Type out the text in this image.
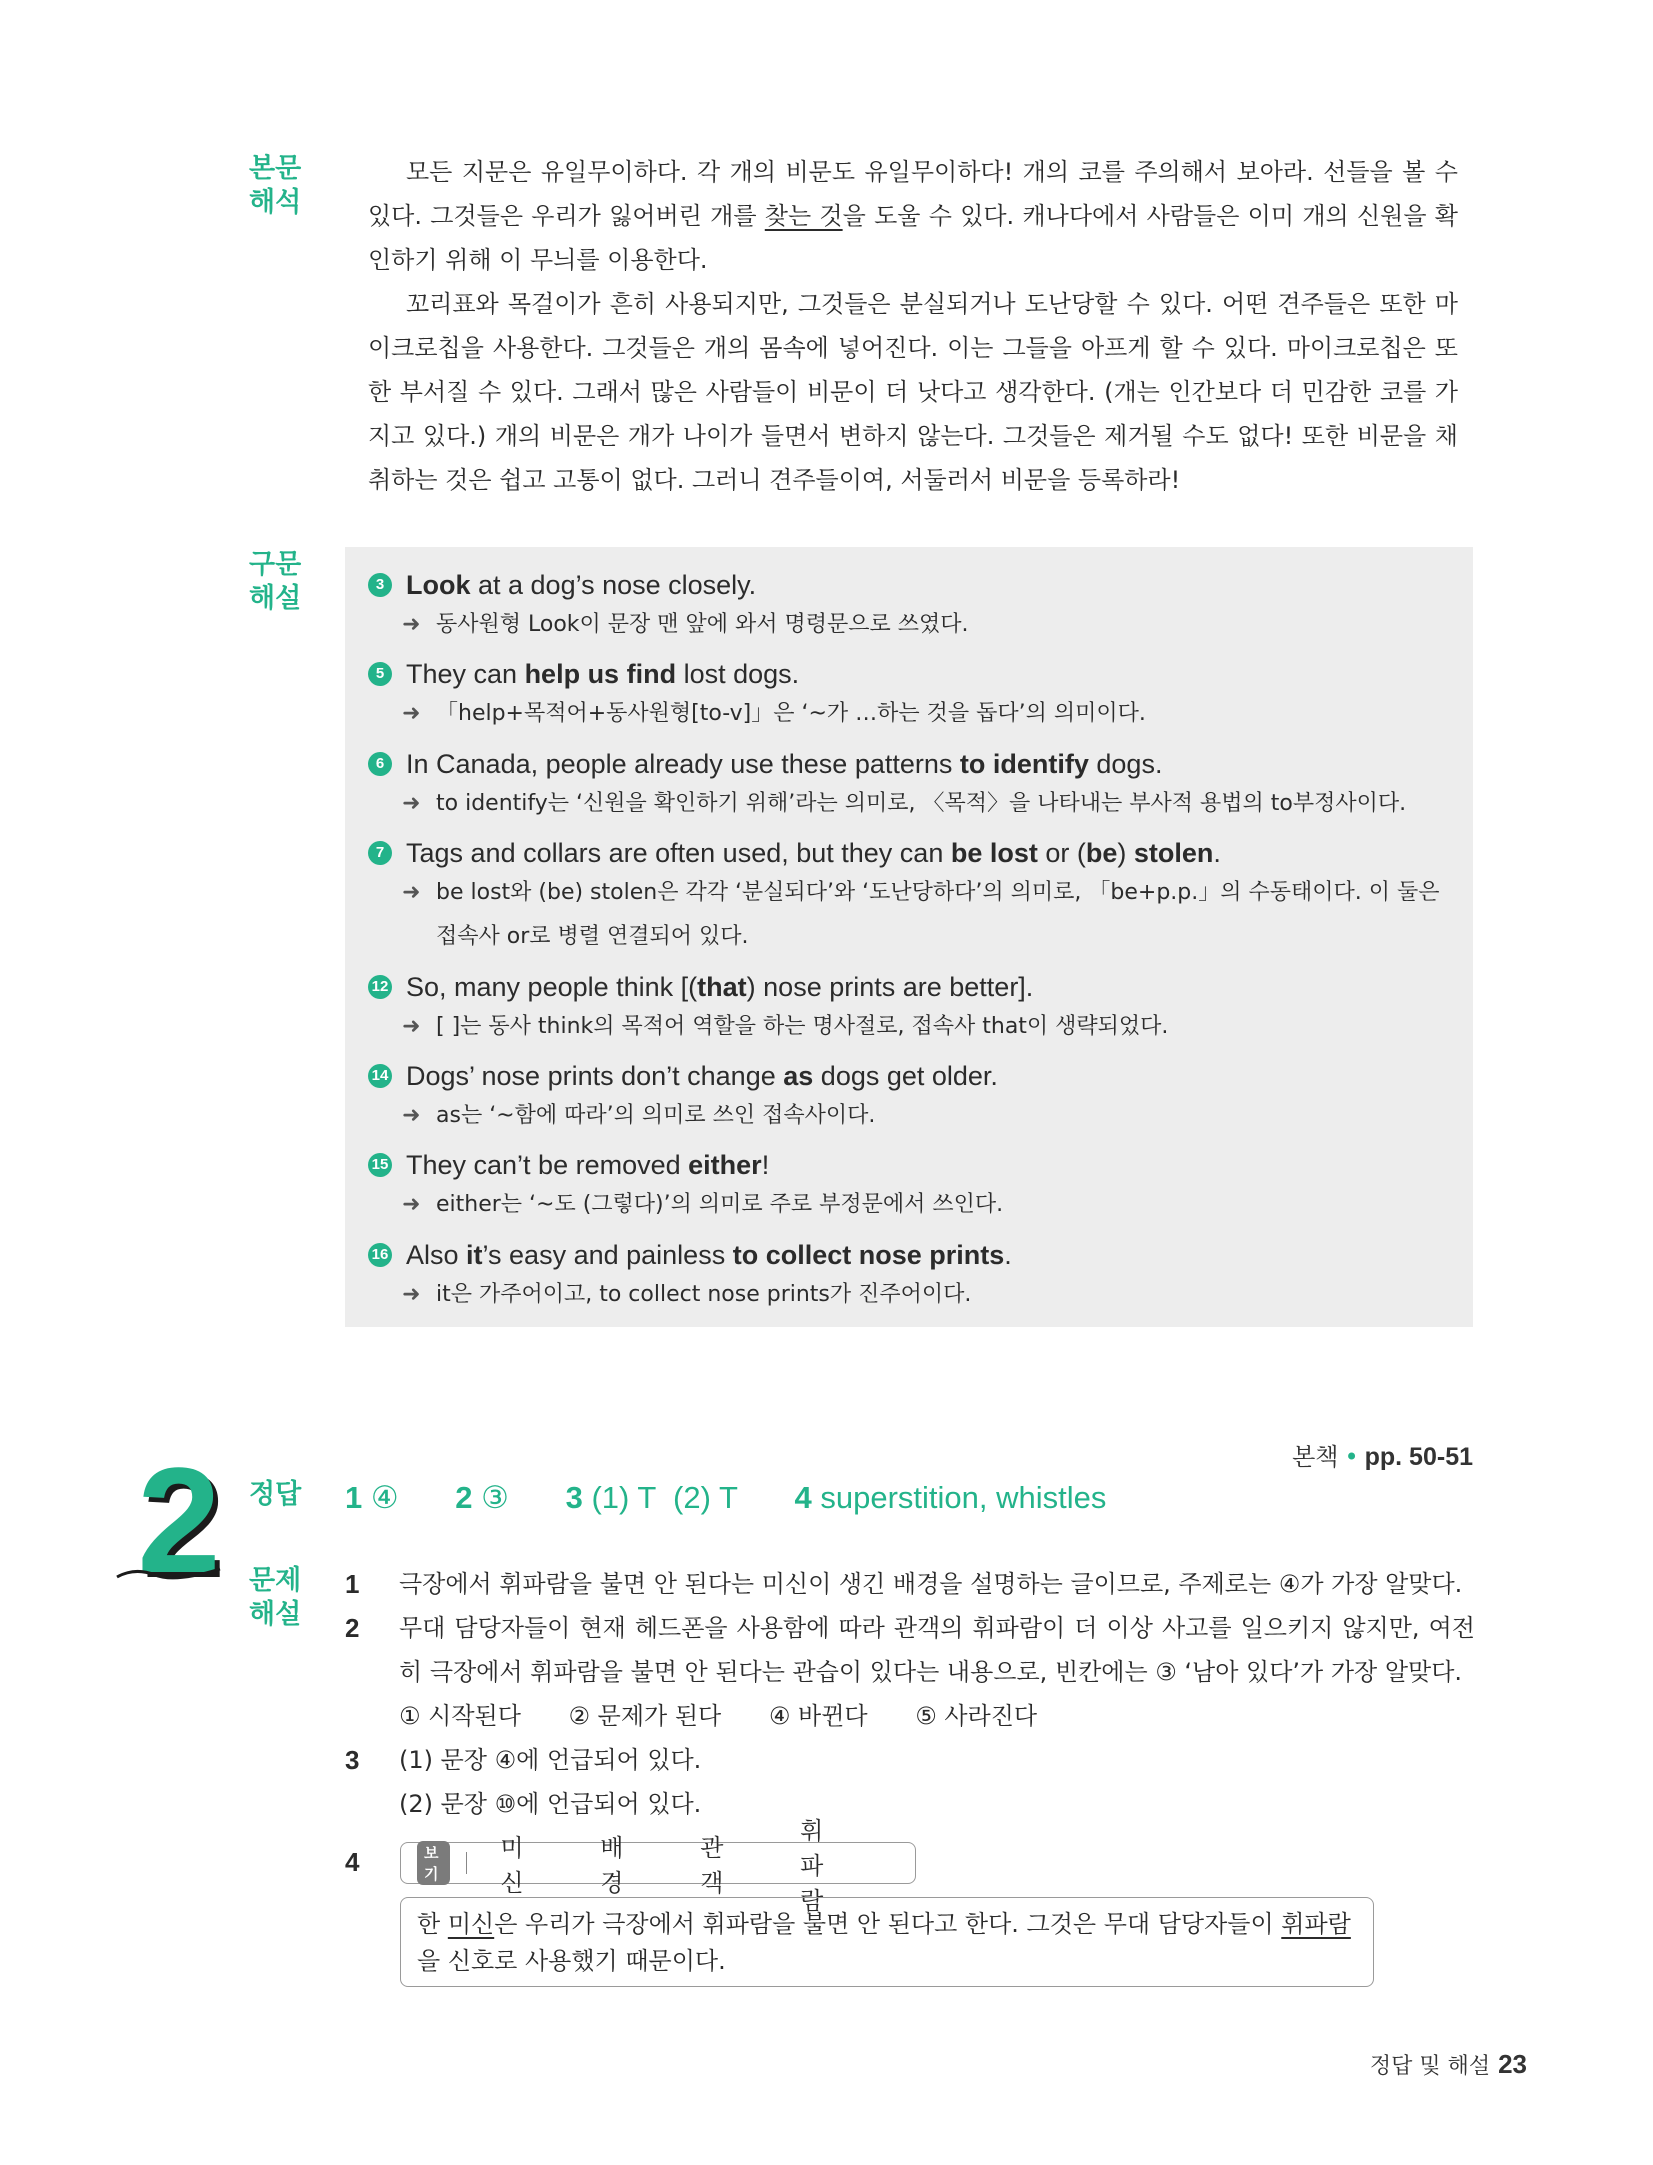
본문
해석

모든 지문은 유일무이하다. 각 개의 비문도 유일무이하다! 개의 코를 주의해서 보아라. 선들을 볼 수 있다. 그것들은 우리가 잃어버린 개를 찾는 것을 도울 수 있다. 캐나다에서 사람들은 이미 개의 신원을 확인하기 위해 이 무늬를 이용한다.

꼬리표와 목걸이가 흔히 사용되지만, 그것들은 분실되거나 도난당할 수 있다. 어떤 견주들은 또한 마이크로칩을 사용한다. 그것들은 개의 몸속에 넣어진다. 이는 그들을 아프게 할 수 있다. 마이크로칩은 또한 부서질 수 있다. 그래서 많은 사람들이 비문이 더 낫다고 생각한다. (개는 인간보다 더 민감한 코를 가지고 있다.) 개의 비문은 개가 나이가 들면서 변하지 않는다. 그것들은 제거될 수도 없다! 또한 비문을 채취하는 것은 쉽고 고통이 없다. 그러니 견주들이여, 서둘러서 비문을 등록하라!

구문
해설	3 Look at a dog’s nose closely.
➜ 동사원형 Look이 문장 맨 앞에 와서 명령문으로 쓰였다.
5 They can help us find lost dogs.
➜ 「help+목적어+동사원형[to-v]」은 ‘~가 …하는 것을 돕다’의 의미이다.
6 In Canada, people already use these patterns to identify dogs.
➜ to identify는 ‘신원을 확인하기 위해’라는 의미로, 〈목적〉을 나타내는 부사적 용법의 to부정사이다.
7 Tags and collars are often used, but they can be lost or (be) stolen.
➜ be lost와 (be) stolen은 각각 ‘분실되다’와 ‘도난당하다’의 의미로, 「be+p.p.」의 수동태이다. 이 둘은 접속사 or로 병렬 연결되어 있다.
12 So, many people think [(that) nose prints are better].
➜ [ ]는 동사 think의 목적어 역할을 하는 명사절로, 접속사 that이 생략되었다.
14 Dogs’ nose prints don’t change as dogs get older.
➜ as는 ‘~함에 따라’의 의미로 쓰인 접속사이다.
15 They can’t be removed either!
➜ either는 ‘~도 (그렇다)’의 의미로 주로 부정문에서 쓰인다.
16 Also it’s easy and painless to collect nose prints.
➜ it은 가주어이고, to collect nose prints가 진주어이다.
2	본책 • pp. 50-51
정답 1 ④ 2 ③ 3 (1) T  (2) T 4 superstition, whistles
문제
해설
1 극장에서 휘파람을 불면 안 된다는 미신이 생긴 배경을 설명하는 글이므로, 주제로는 ④가 가장 알맞다.
2 무대 담당자들이 현재 헤드폰을 사용함에 따라 관객의 휘파람이 더 이상 사고를 일으키지 않지만, 여전히 극장에서 휘파람을 불면 안 된다는 관습이 있다는 내용으로, 빈칸에는 ③ ‘남아 있다’가 가장 알맞다.
① 시작된다 ② 문제가 된다 ④ 바뀐다 ⑤ 사라진다
3 (1) 문장 ④에 언급되어 있다.
(2) 문장 ⑩에 언급되어 있다.
4	보기
미신
배경
관객
휘파람
한 미신은 우리가 극장에서 휘파람을 불면 안 된다고 한다. 그것은 무대 담당자들이 휘파람을 신호로 사용했기 때문이다.
정답 및 해설 23
